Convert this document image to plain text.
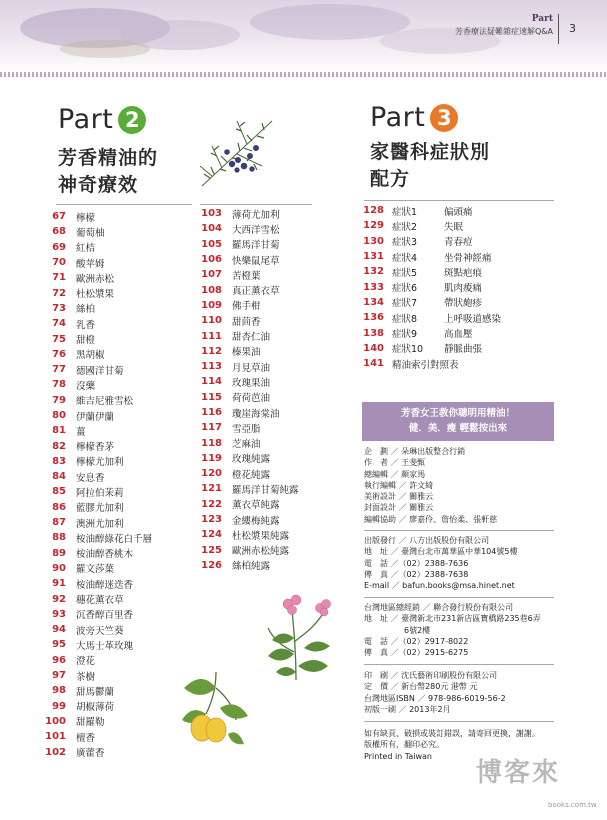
Part
芳香療法疑難雜症速解Q&A 3
Part 2
芳香精油的
神奇療效
Part 3
家醫科症狀別
配方
67 檸檬
68 葡萄柚
69 紅桔
70 酸苹姆
71 歐洲赤松
72 杜松漿果
73 絲柏
74 乳香
75 甜橙
76 黑胡椒
77 德國洋甘菊
78 沒藥
79 維吉尼雅雪松
80 伊蘭伊蘭
81 薑
82 檸檬香茅
83 檸檬尤加利
84 安息香
85 阿拉伯茉莉
86 藍膠尤加利
87 澳洲尤加利
88 桉油醇綠花白千層
89 桉油醇香桃木
90 羅文莎葉
91 桉油醇迷迭香
92 穗花薰衣草
93 沉香醇百里香
94 波旁天竺葵
95 大馬士革玫瑰
96 澄花
97 茶樹
98 甜馬鬱蘭
99 胡椒薄荷
100 甜羅勒
101 檀香
102 廣藿香
103 薄荷尤加利
104 大西洋雪松
105 羅馬洋甘菊
106 快樂鼠尾草
107 苦橙葉
108 真正薰衣草
109 佛手柑
110 甜茴香
111 甜杏仁油
112 榛果油
113 月見草油
114 玫瑰果油
115 荷荷芭油
116 瓊崖海棠油
117 雪亞脂
118 芝麻油
119 玫瑰純露
120 橙花純露
121 羅馬洋甘菊純露
122 薰衣草純露
123 金縷梅純露
124 杜松漿果純露
125 歐洲赤松純露
126 絲柏純露
128 症狀1	偏頭痛
129 症狀2	失眠
130 症狀3	青春痘
131 症狀4	坐骨神經痛
132 症狀5	斑點疤痕
133 症狀6	肌肉痠痛
134 症狀7	帶狀皰疹
136 症狀8	上呼吸道感染
138 症狀9	高血壓
140 症狀10	靜脈曲張
141 精油索引對照表
芳香女王教你聰明用精油！
健．美．瘦 輕鬆按出來
企　劃 ／ 朵琳出版整合行銷
作　者 ／ 王斐甄
總編輯 ／ 顏家馬
執行編輯 ／ 許文綺
美術設計 ／ 關雅云
封面設計 ／ 關雅云
編輯協助 ／ 廖嘉伶、詹怡柔、張軒慈
出版發行 ／ 八方出版股份有限公司
地　址 ／ 臺灣台北市萬華區中華104號5樓
電　話 ／（02）2388-7636
傳　真 ／（02）2388-7638
E-mail ／ bafun.books@msa.hinet.net
台灣地區總經銷 ／ 聯合發行股份有限公司
地　址 ／ 臺灣新北市231新店區寶橋路235巷6弄
　　　　　6號2樓
電　話 ／（02）2917-8022
傳　真 ／（02）2915-6275
印　刷 ／ 沈氏藝術印刷股份有限公司
定　價 ／ 新台幣280元 港幣 元
台灣地區ISBN ／ 978-986-6019-56-2
初版一刷 ／ 2013年2月
如有缺頁、破損或裝訂錯誤，請寄回更換，謝謝。
版權所有，翻印必究。
Printed in Taiwan
博客來
books.com.tw
